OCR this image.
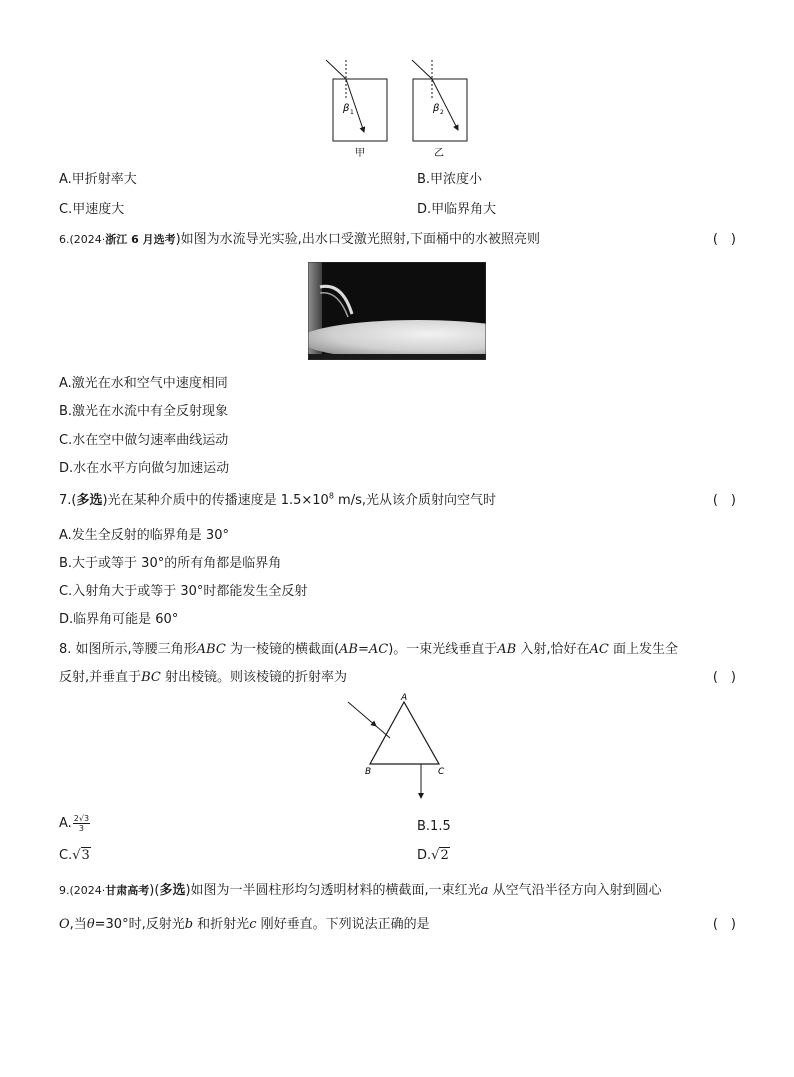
β 1
甲
β 2
乙
A.甲折射率大	B.甲浓度小
C.甲速度大	D.甲临界角大
6.(2024·浙江 6 月选考)如图为水流导光实验,出水口受激光照射,下面桶中的水被照亮则	(　)
A.激光在水和空气中速度相同
B.激光在水流中有全反射现象
C.水在空中做匀速率曲线运动
D.水在水平方向做匀加速运动
7.(多选)光在某种介质中的传播速度是 $1.5\times 10^8$ m/s,光从该介质射向空气时	(　)
A.发生全反射的临界角是 30°
B.大于或等于 30°的所有角都是临界角
C.入射角大于或等于 30°时都能发生全反射
D.临界角可能是 60°
8. 如图所示,等腰三角形ABC 为一棱镜的横截面(AB=AC)。一束光线垂直于AB 入射,恰好在AC 面上发生全
反射,并垂直于BC 射出棱镜。则该棱镜的折射率为	(　)
A
B	C
A. $\frac{2√3}{3}$	B.1.5
C.√3	D.√2
9.(2024·甘肃高考)(多选)如图为一半圆柱形均匀透明材料的横截面,一束红光a 从空气沿半径方向入射到圆心
O,当θ=30°时,反射光b 和折射光c 刚好垂直。下列说法正确的是	(　)
